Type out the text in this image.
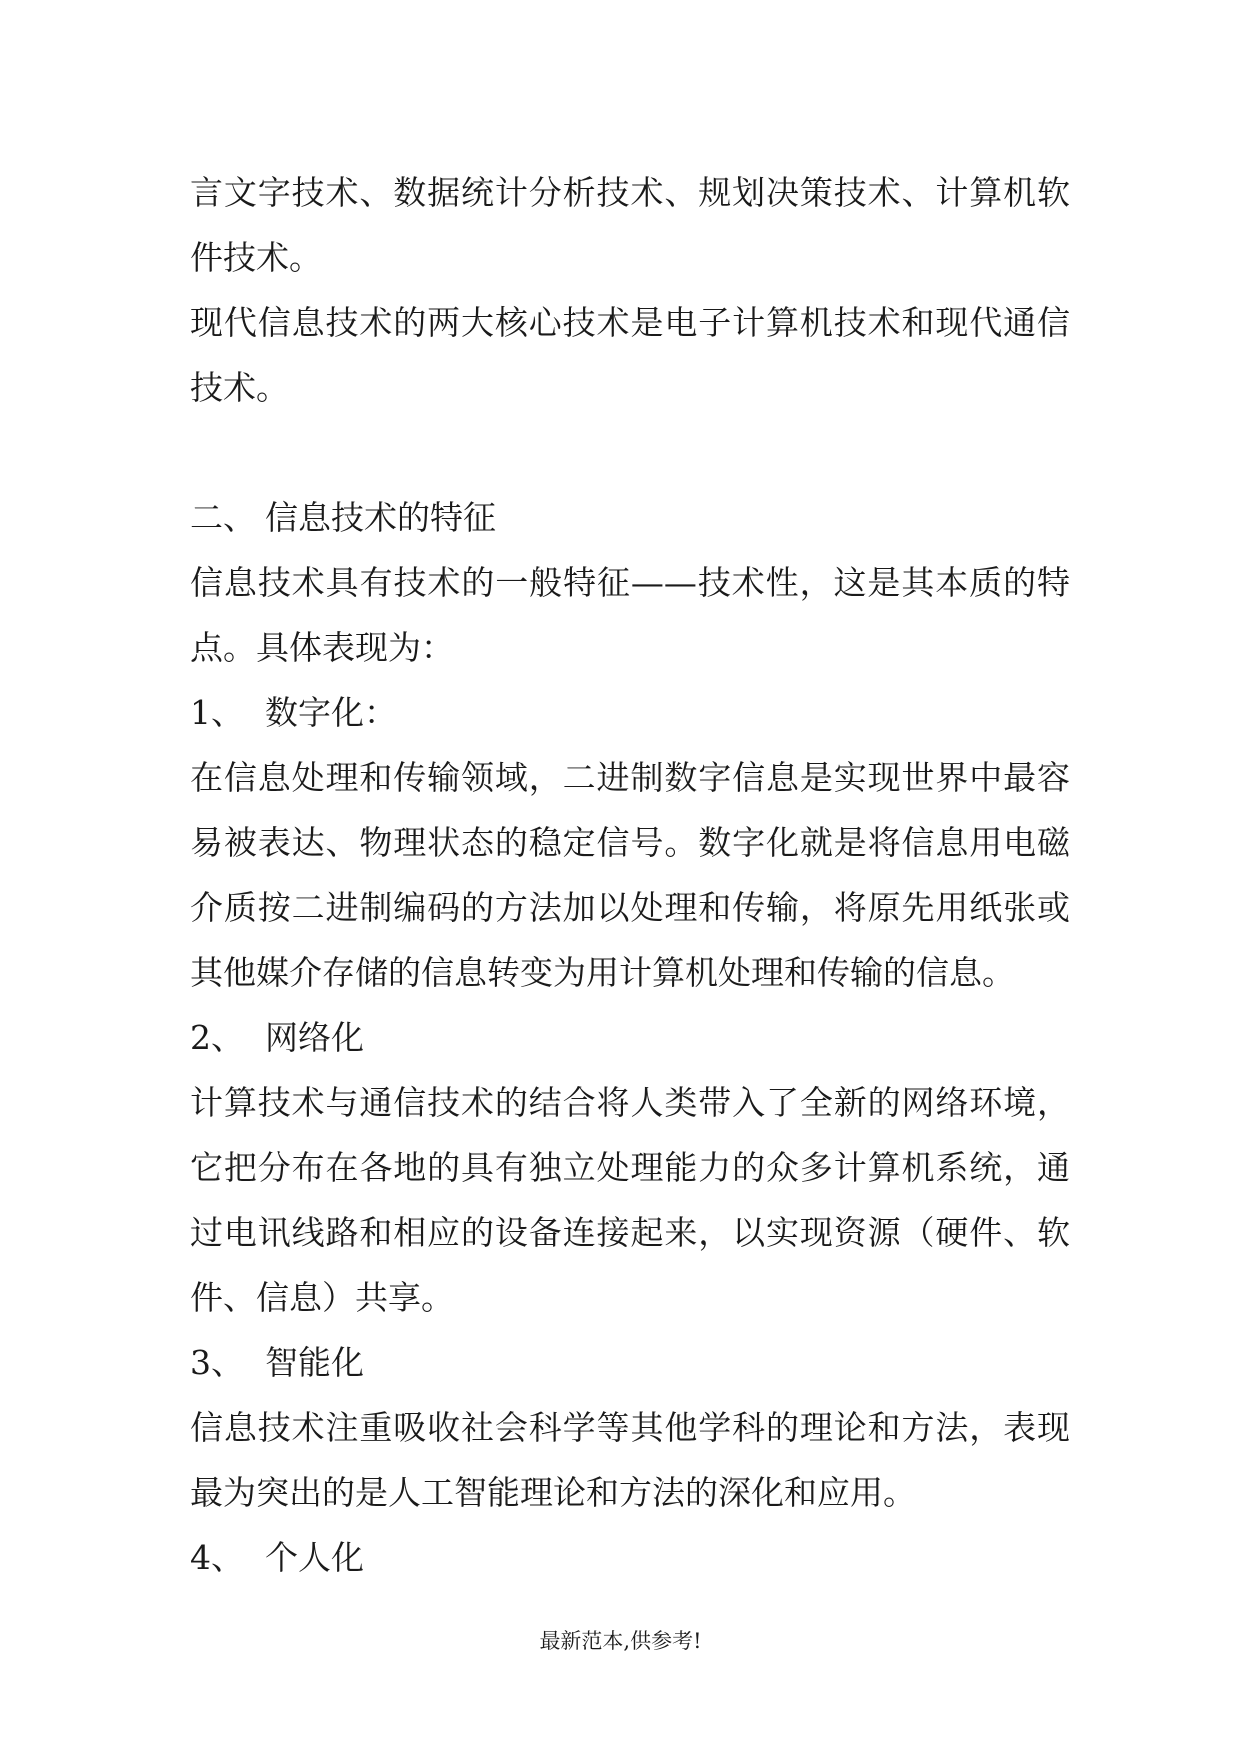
言文字技术、数据统计分析技术、规划决策技术、计算机软件技术。

现代信息技术的两大核心技术是电子计算机技术和现代通信技术。

二、 信息技术的特征

信息技术具有技术的一般特征——技术性，这是其本质的特点。具体表现为：

1、 数字化：

在信息处理和传输领域，二进制数字信息是实现世界中最容易被表达、物理状态的稳定信号。数字化就是将信息用电磁介质按二进制编码的方法加以处理和传输，将原先用纸张或其他媒介存储的信息转变为用计算机处理和传输的信息。

2、 网络化

计算技术与通信技术的结合将人类带入了全新的网络环境，它把分布在各地的具有独立处理能力的众多计算机系统，通过电讯线路和相应的设备连接起来，以实现资源（硬件、软件、信息）共享。

3、 智能化

信息技术注重吸收社会科学等其他学科的理论和方法，表现最为突出的是人工智能理论和方法的深化和应用。

4、 个人化
最新范本,供参考!
